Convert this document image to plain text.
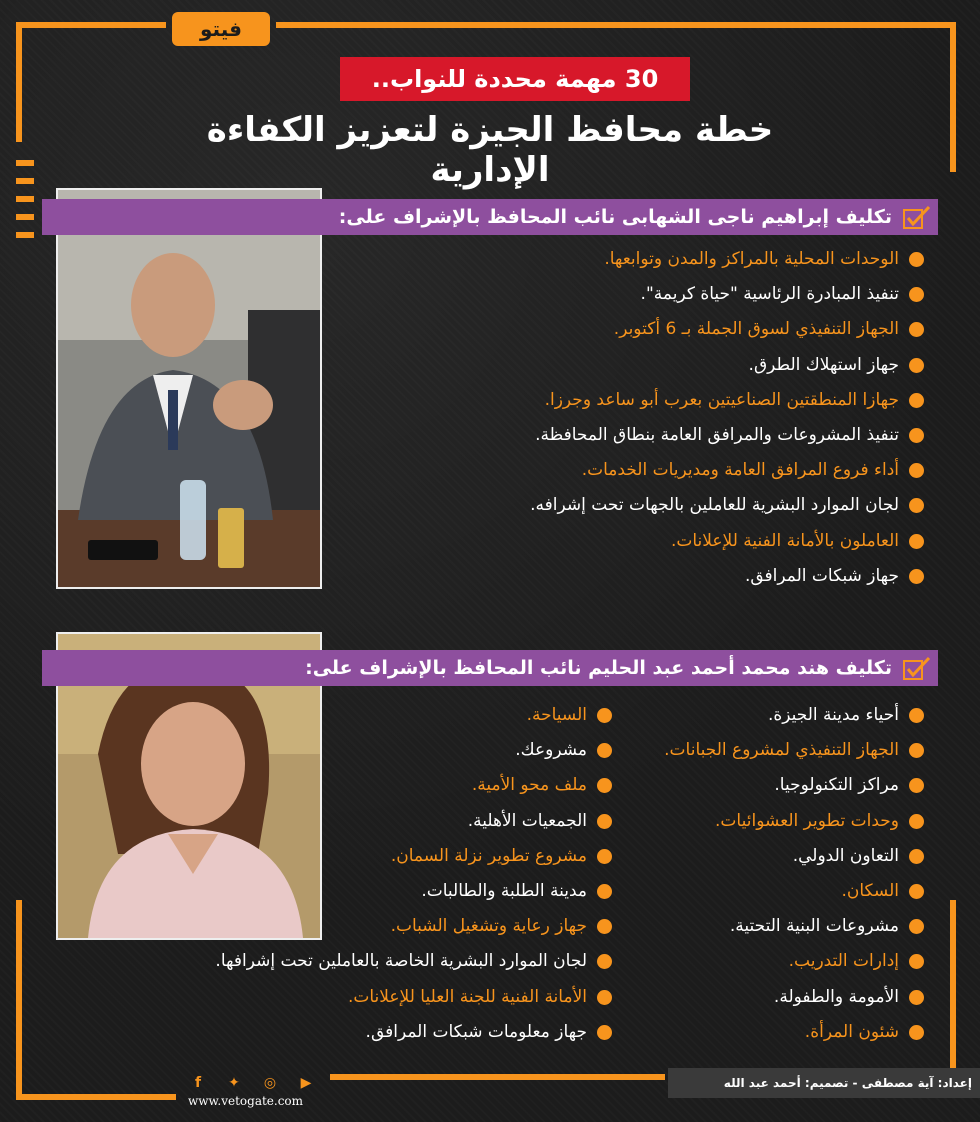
فيتو
30 مهمة محددة للنواب..
خطة محافظ الجيزة لتعزيز الكفاءة الإدارية
تكليف إبراهيم ناجى الشهابى نائب المحافظ بالإشراف على:
الوحدات المحلية بالمراكز والمدن وتوابعها.
تنفيذ المبادرة الرئاسية "حياة كريمة".
الجهاز التنفيذي لسوق الجملة بـ 6 أكتوبر.
جهاز استهلاك الطرق.
جهازا المنطقتين الصناعيتين بعرب أبو ساعد وجرزا.
تنفيذ المشروعات والمرافق العامة بنطاق المحافظة.
أداء فروع المرافق العامة ومديريات الخدمات.
لجان الموارد البشرية للعاملين بالجهات تحت إشرافه.
العاملون بالأمانة الفنية للإعلانات.
جهاز شبكات المرافق.
تكليف هند محمد أحمد عبد الحليم نائب المحافظ بالإشراف على:
أحياء مدينة الجيزة.
الجهاز التنفيذي لمشروع الجبانات.
مراكز التكنولوجيا.
وحدات تطوير العشوائيات.
التعاون الدولي.
السكان.
مشروعات البنية التحتية.
إدارات التدريب.
الأمومة والطفولة.
شئون المرأة.
السياحة.
مشروعك.
ملف محو الأمية.
الجمعيات الأهلية.
مشروع تطوير نزلة السمان.
مدينة الطلبة والطالبات.
جهاز رعاية وتشغيل الشباب.
لجان الموارد البشرية الخاصة بالعاملين تحت إشرافها.
الأمانة الفنية للجنة العليا للإعلانات.
جهاز معلومات شبكات المرافق.
f	✦ ◎	▶
www.vetogate.com
إعداد: آية مصطفى - تصميم: أحمد عبد الله
